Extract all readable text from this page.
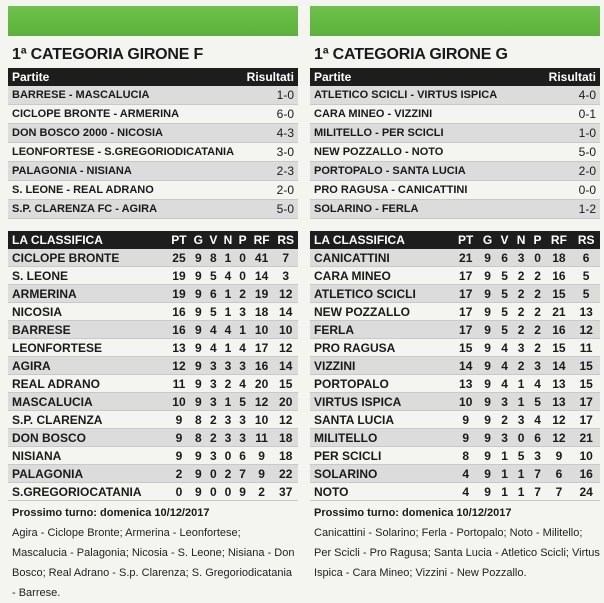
1ª CATEGORIA GIRONE F
Partite	Risultati
BARRESE - MASCALUCIA	1-0
CICLOPE BRONTE - ARMERINA	6-0
DON BOSCO 2000 - NICOSIA	4-3
LEONFORTESE - S.GREGORIODICATANIA	3-0
PALAGONIA - NISIANA	2-3
S. LEONE - REAL ADRANO	2-0
S.P. CLARENZA FC - AGIRA	5-0
LA CLASSIFICA	PT	G	V	N	P	RF	RS
CICLOPE BRONTE	25	9	8	1	0	41	7
S. LEONE	19	9	5	4	0	14	3
ARMERINA	19	9	6	1	2	19	12
NICOSIA	16	9	5	1	3	18	14
BARRESE	16	9	4	4	1	10	10
LEONFORTESE	13	9	4	1	4	17	12
AGIRA	12	9	3	3	3	16	14
REAL ADRANO	11	9	3	2	4	20	15
MASCALUCIA	10	9	3	1	5	12	20
S.P. CLARENZA	9	8	2	3	3	10	12
DON BOSCO	9	8	2	3	3	11	18
NISIANA	9	9	3	0	6	9	18
PALAGONIA	2	9	0	2	7	9	22
S.GREGORIOCATANIA	0	9	0	0	9	2	37
Prossimo turno: domenica 10/12/2017
Agira - Ciclope Bronte; Armerina - Leonfortese; Mascalucia - Palagonia; Nicosia - S. Leone; Nisiana - Don Bosco; Real Adrano - S.p. Clarenza; S. Gregoriodicatania - Barrese.
1ª CATEGORIA GIRONE G
Partite	Risultati
ATLETICO SCICLI - VIRTUS ISPICA	4-0
CARA MINEO - VIZZINI	0-1
MILITELLO - PER SCICLI	1-0
NEW POZZALLO - NOTO	5-0
PORTOPALO - SANTA LUCIA	2-0
PRO RAGUSA - CANICATTINI	0-0
SOLARINO - FERLA	1-2
LA CLASSIFICA	PT	G	V	N	P	RF	RS
CANICATTINI	21	9	6	3	0	18	6
CARA MINEO	17	9	5	2	2	16	5
ATLETICO SCICLI	17	9	5	2	2	15	5
NEW POZZALLO	17	9	5	2	2	21	13
FERLA	17	9	5	2	2	16	12
PRO RAGUSA	15	9	4	3	2	15	11
VIZZINI	14	9	4	2	3	14	15
PORTOPALO	13	9	4	1	4	13	15
VIRTUS ISPICA	10	9	3	1	5	13	17
SANTA LUCIA	9	9	2	3	4	12	17
MILITELLO	9	9	3	0	6	12	21
PER SCICLI	8	9	1	5	3	9	10
SOLARINO	4	9	1	1	7	6	16
NOTO	4	9	1	1	7	7	24
Prossimo turno: domenica 10/12/2017
Canicattini - Solarino; Ferla - Portopalo; Noto - Militello; Per Scicli - Pro Ragusa; Santa Lucia - Atletico Scicli; Virtus Ispica - Cara Mineo; Vizzini - New Pozzallo.
